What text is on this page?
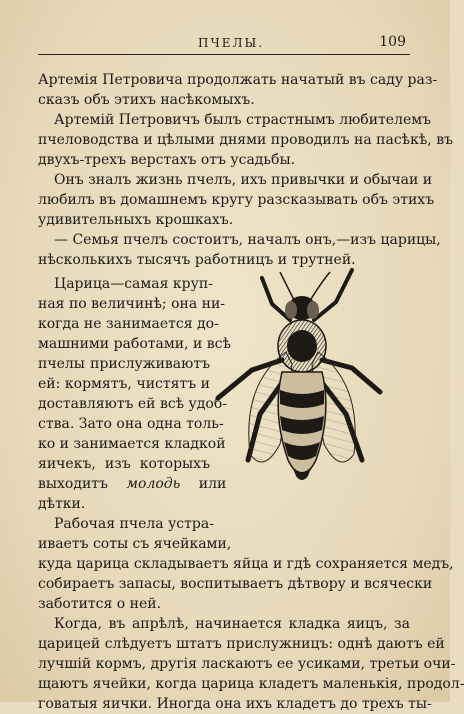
ПЧЕЛЫ.	109
Артемія Петровича продолжать начатый въ саду раз-
сказъ объ этихъ насѣкомыхъ.
Артемій Петровичъ былъ страстнымъ любителемъ
пчеловодства и цѣлыми днями проводилъ на пасѣкѣ, въ
двухъ-трехъ верстахъ отъ усадьбы.
Онъ зналъ жизнь пчелъ, ихъ привычки и обычаи и
любилъ въ домашнемъ кругу разсказывать объ этихъ
удивительныхъ крошкахъ.
— Семья пчелъ состоитъ, началъ онъ,—изъ царицы,
нѣсколькихъ тысячъ работницъ и трутней.
Царица—самая круп-
ная по величинѣ; она ни-
когда не занимается до-
машними работами, и всѣ
пчелы прислуживаютъ
ей: кормятъ, чистятъ и
доставляютъ ей всѣ удоб-
ства. Зато она одна толь-
ко и занимается кладкой
яичекъ, изъ которыхъ
выходитъ молодь или
дѣтки.
Рабочая пчела устра-
иваетъ соты съ ячейками,
куда царица складываетъ яйца и гдѣ сохраняется медъ,
собираетъ запасы, воспитываетъ дѣтвору и всячески
заботится о ней.
Когда, въ апрѣлѣ, начинается кладка яицъ, за
царицей слѣдуетъ штатъ прислужницъ: однѣ даютъ ей
лучшій кормъ, другія ласкаютъ ее усиками, третьи очи-
щаютъ ячейки, когда царица кладетъ маленькія, продол-
говатыя яички. Иногда она ихъ кладетъ до трехъ ты-
